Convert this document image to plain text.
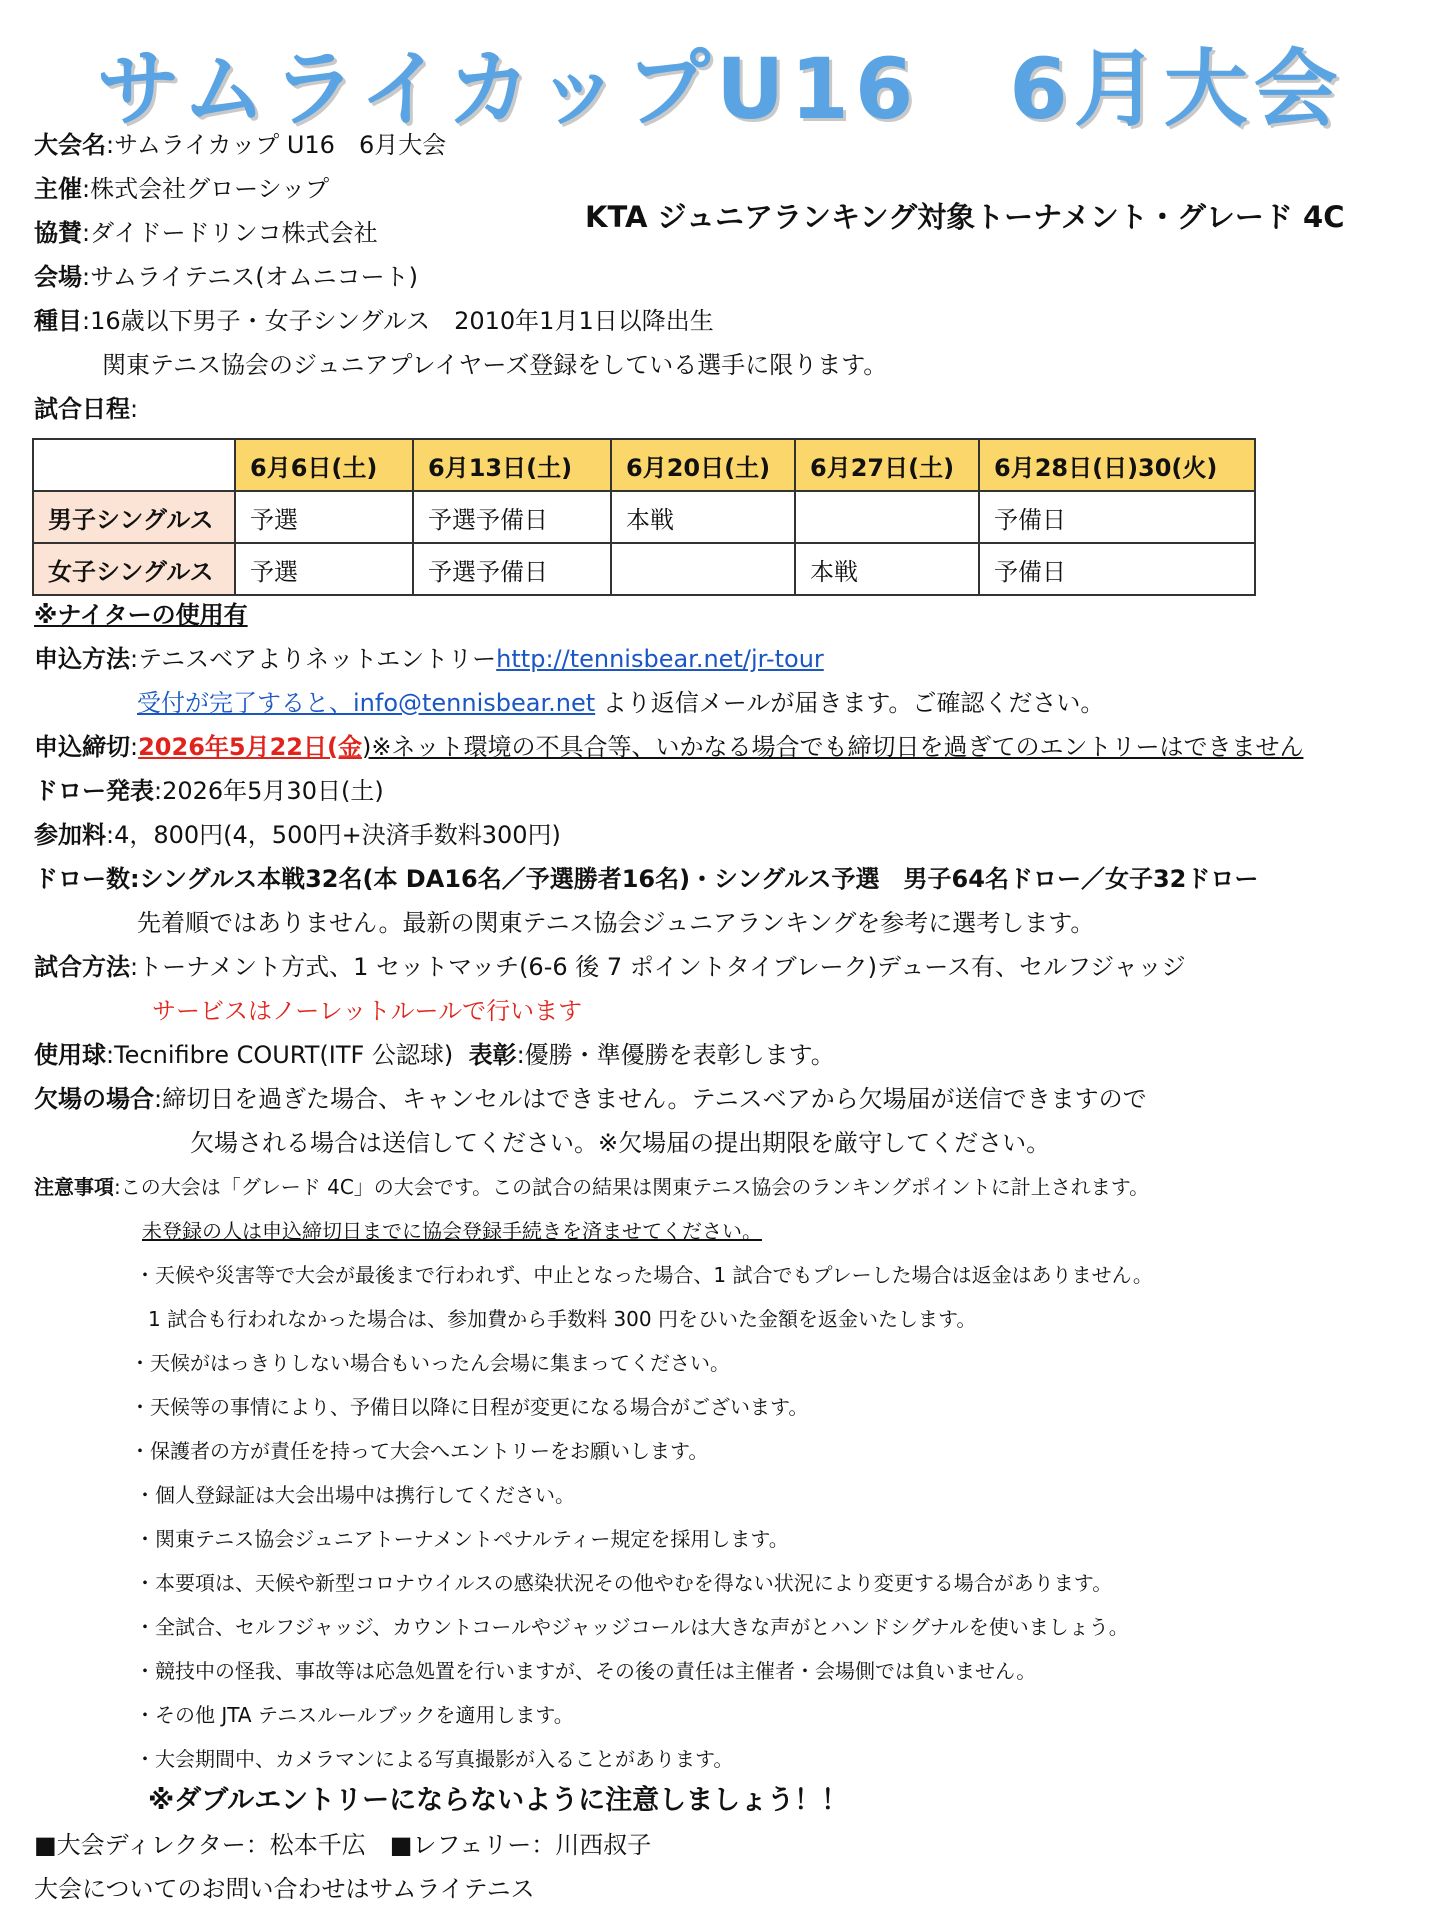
サムライカップU16　6月大会
大会名:サムライカップ U16　6月大会
主催:株式会社グローシップ
KTA ジュニアランキング対象トーナメント・グレード 4C
協賛:ダイドードリンコ株式会社
会場:サムライテニス(オムニコート)
種目:16歳以下男子・女子シングルス　2010年1月1日以降出生
関東テニス協会のジュニアプレイヤーズ登録をしている選手に限ります。
試合日程:
	6月6日(土)	6月13日(土)	6月20日(土)	6月27日(土)	6月28日(日)30(火)
男子シングルス	予選	予選予備日	本戦		予備日
女子シングルス	予選	予選予備日		本戦	予備日
※ナイターの使用有
申込方法:テニスベアよりネットエントリーhttp://tennisbear.net/jr-tour
受付が完了すると、info@tennisbear.net より返信メールが届きます。ご確認ください。
申込締切:2026年5月22日(金)※ネット環境の不具合等、いかなる場合でも締切日を過ぎてのエントリーはできません
ドロー発表:2026年5月30日(土)
参加料:4，800円(4，500円+決済手数料300円)
ドロー数:シングルス本戦32名(本 DA16名／予選勝者16名)・シングルス予選　男子64名ドロー／女子32ドロー
先着順ではありません。最新の関東テニス協会ジュニアランキングを参考に選考します。
試合方法:トーナメント方式、1 セットマッチ(6-6 後 7 ポイントタイブレーク)デュース有、セルフジャッジ
サービスはノーレットルールで行います
使用球:Tecnifibre COURT(ITF 公認球) 表彰:優勝・準優勝を表彰します。
欠場の場合:締切日を過ぎた場合、キャンセルはできません。テニスベアから欠場届が送信できますので
欠場される場合は送信してください。※欠場届の提出期限を厳守してください。
注意事項:この大会は「グレード 4C」の大会です。この試合の結果は関東テニス協会のランキングポイントに計上されます。
未登録の人は申込締切日までに協会登録手続きを済ませてください。
・天候や災害等で大会が最後まで行われず、中止となった場合、1 試合でもプレーした場合は返金はありません。
1 試合も行われなかった場合は、参加費から手数料 300 円をひいた金額を返金いたします。
・天候がはっきりしない場合もいったん会場に集まってください。
・天候等の事情により、予備日以降に日程が変更になる場合がございます。
・保護者の方が責任を持って大会へエントリーをお願いします。
・個人登録証は大会出場中は携行してください。
・関東テニス協会ジュニアトーナメントペナルティー規定を採用します。
・本要項は、天候や新型コロナウイルスの感染状況その他やむを得ない状況により変更する場合があります。
・全試合、セルフジャッジ、カウントコールやジャッジコールは大きな声がとハンドシグナルを使いましょう。
・競技中の怪我、事故等は応急処置を行いますが、その後の責任は主催者・会場側では負いません。
・その他 JTA テニスルールブックを適用します。
・大会期間中、カメラマンによる写真撮影が入ることがあります。
※ダブルエントリーにならないように注意しましょう！！
■大会ディレクター：松本千広　■レフェリー：川西叔子
大会についてのお問い合わせはサムライテニス
